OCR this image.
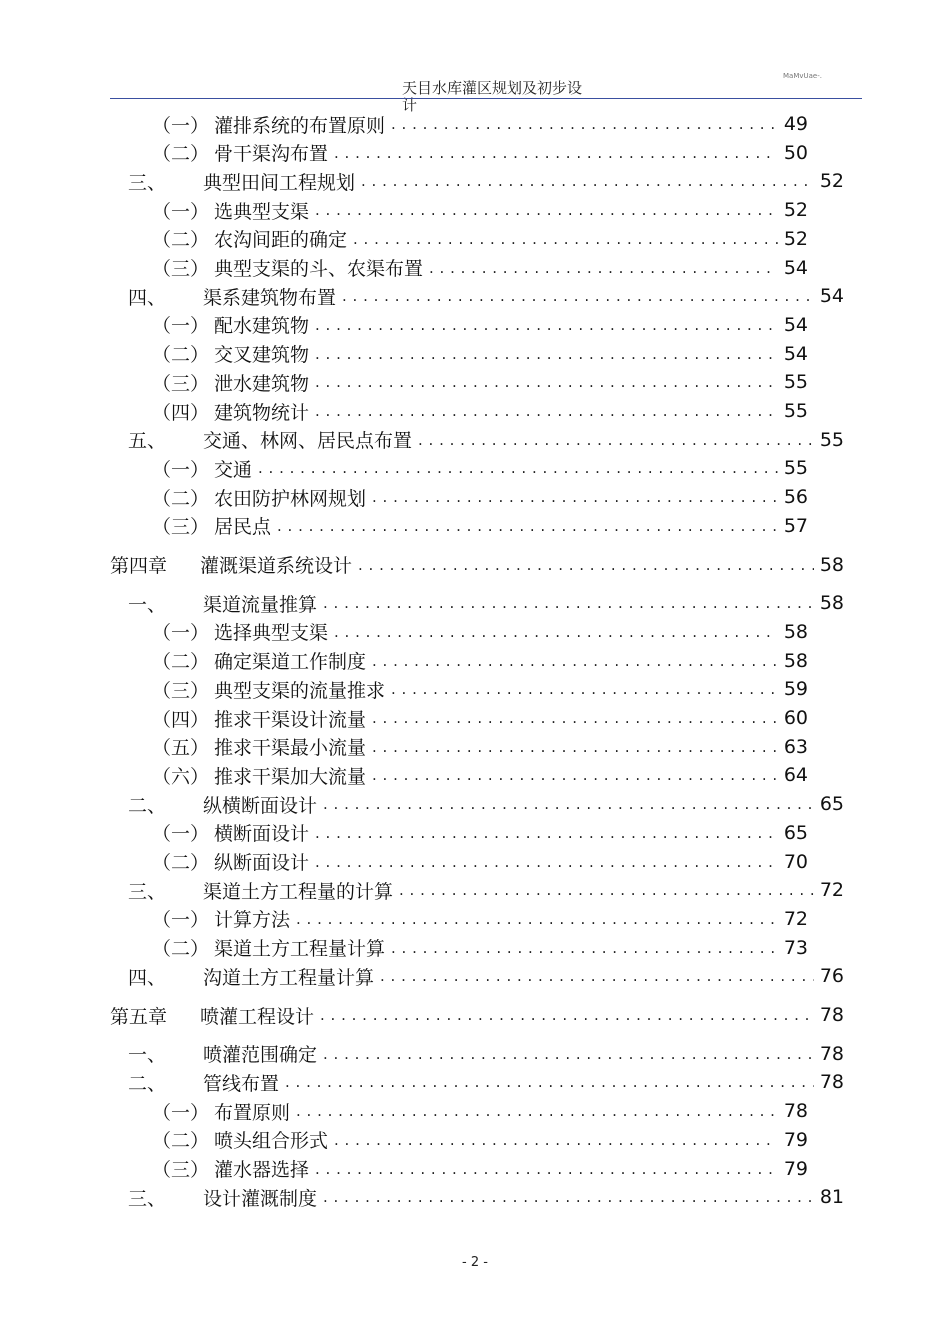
天目水库灌区规划及初步设计
MaMvUae-.
（一） 灌排系统的布置原则 . . .	49
（二） 骨干渠沟布置 . . .	50
三、	典型田间工程规划 . . .	52
（一） 选典型支渠 . . .	52
（二） 农沟间距的确定 . . .	52
（三） 典型支渠的斗、农渠布置 . . .	54
四、	渠系建筑物布置 . . .	54
（一） 配水建筑物 . . .	54
（二） 交叉建筑物 . . .	54
（三） 泄水建筑物 . . .	55
（四） 建筑物统计 . . .	55
五、	交通、林网、居民点布置 . . .	55
（一） 交通 . . .	55
（二） 农田防护林网规划 . . .	56
（三） 居民点 . . .	57
第四章	灌溉渠道系统设计 . . .	58
一、	渠道流量推算 . . .	58
（一） 选择典型支渠 . . .	58
（二） 确定渠道工作制度 . . .	58
（三） 典型支渠的流量推求 . . .	59
（四） 推求干渠设计流量 . . .	60
（五） 推求干渠最小流量 . . .	63
（六） 推求干渠加大流量 . . .	64
二、	纵横断面设计 . . .	65
（一） 横断面设计 . . .	65
（二） 纵断面设计 . . .	70
三、	渠道土方工程量的计算 . . .	72
（一） 计算方法 . . .	72
（二） 渠道土方工程量计算 . . .	73
四、	沟道土方工程量计算 . . .	76
第五章	喷灌工程设计 . . .	78
一、	喷灌范围确定 . . .	78
二、	管线布置 . . .	78
（一） 布置原则 . . .	78
（二） 喷头组合形式 . . .	79
（三） 灌水器选择 . . .	79
三、	设计灌溉制度 . . .	81
- 2 -
